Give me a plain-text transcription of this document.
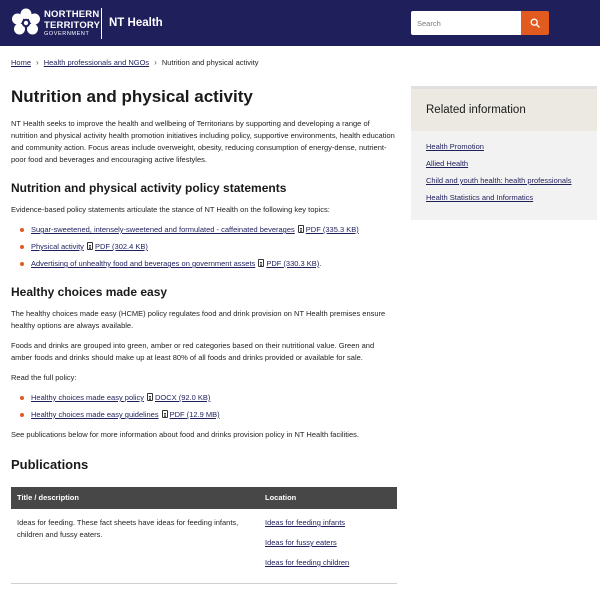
NORTHERN
TERRITORY
GOVERNMENT
NT Health
Search
Home › Health professionals and NGOs › Nutrition and physical activity
Nutrition and physical activity

NT Health seeks to improve the health and wellbeing of Territorians by supporting and developing a range of nutrition and physical activity health promotion initiatives including policy, supportive environments, health education and community action. Focus areas include overweight, obesity, reducing consumption of energy-dense, nutrient-poor food and beverages and encouraging active lifestyles.

Nutrition and physical activity policy statements

Evidence-based policy statements articulate the stance of NT Health on the following key topics:

Sugar-sweetened, intensely-sweetened and formulated - caffeinated beverages PDF (335.3 KB)
Physical activity PDF (302.4 KB)
Advertising of unhealthy food and beverages on government assets PDF (330.3 KB).
Healthy choices made easy

The healthy choices made easy (HCME) policy regulates food and drink provision on NT Health premises ensure healthy options are always available.

Foods and drinks are grouped into green, amber or red categories based on their nutritional value. Green and amber foods and drinks should make up at least 80% of all foods and drinks provided or available for sale.

Read the full policy:

Healthy choices made easy policy DOCX (92.0 KB)
Healthy choices made easy guidelines PDF (12.9 MB)

See publications below for more information about food and drinks provision policy in NT Health facilities.

Publications
Title / description	Location
Ideas for feeding. These fact sheets have ideas for feeding infants, children and fussy eaters.	Ideas for feeding infants
Ideas for fussy eaters
Ideas for feeding children
Related information
Health Promotion
Allied Health
Child and youth health: health professionals
Health Statistics and Informatics
